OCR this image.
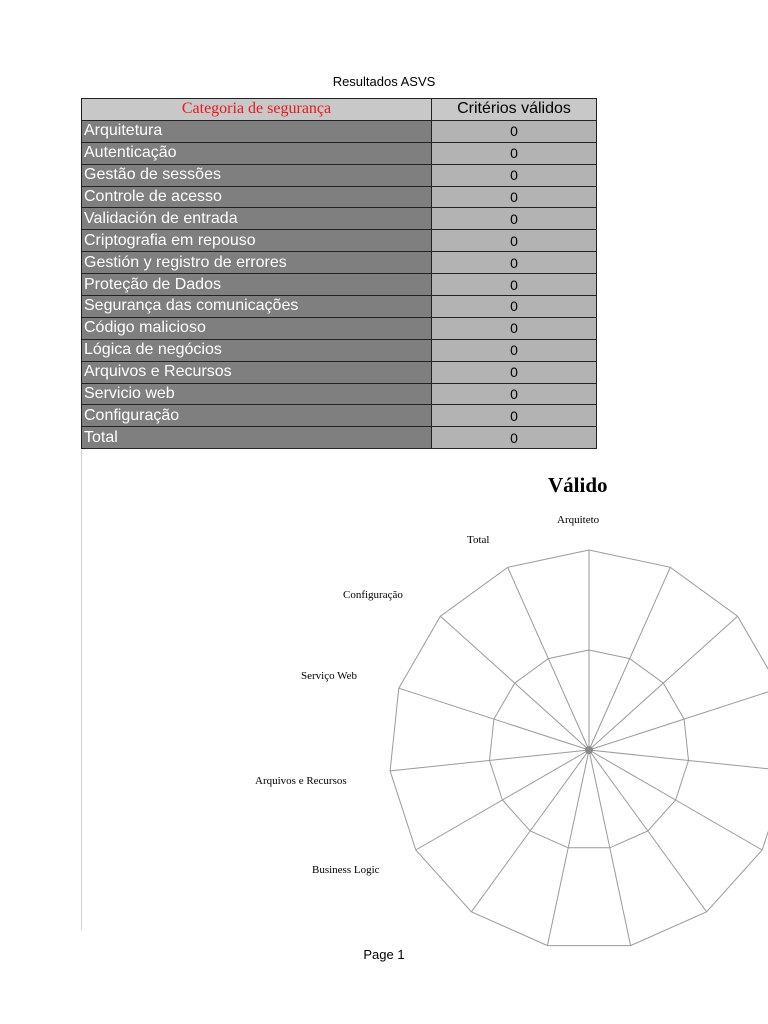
Resultados ASVS
Categoria de segurança	Critérios válidos
Arquitetura	0
Autenticação	0
Gestão de sessões	0
Controle de acesso	0
Validación de entrada	0
Criptografia em repouso	0
Gestión y registro de errores	0
Proteção de Dados	0
Segurança das comunicações	0
Código malicioso	0
Lógica de negócios	0
Arquivos e Recursos	0
Servicio web	0
Configuração	0
Total	0
Válido
Arquiteto
Total
Configuração
Serviço Web
Arquivos e Recursos
Business Logic
Page 1
